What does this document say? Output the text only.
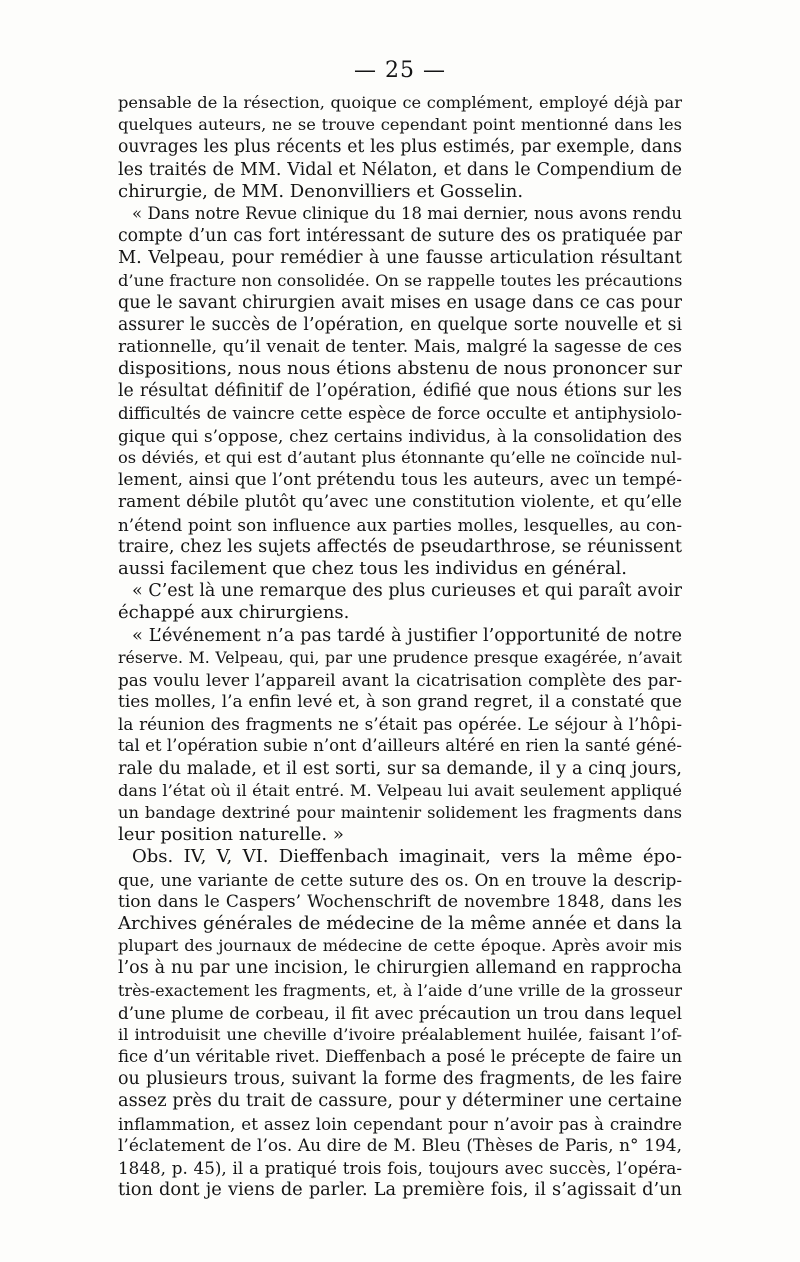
— 25 —
pensable de la résection, quoique ce complément, employé déjà par
quelques auteurs, ne se trouve cependant point mentionné dans les
ouvrages les plus récents et les plus estimés, par exemple, dans
les traités de MM. Vidal et Nélaton, et dans le Compendium de
chirurgie, de MM. Denonvilliers et Gosselin.
« Dans notre Revue clinique du 18 mai dernier, nous avons rendu
compte d’un cas fort intéressant de suture des os pratiquée par
M. Velpeau, pour remédier à une fausse articulation résultant
d’une fracture non consolidée. On se rappelle toutes les précautions
que le savant chirurgien avait mises en usage dans ce cas pour
assurer le succès de l’opération, en quelque sorte nouvelle et si
rationnelle, qu’il venait de tenter. Mais, malgré la sagesse de ces
dispositions, nous nous étions abstenu de nous prononcer sur
le résultat définitif de l’opération, édifié que nous étions sur les
difficultés de vaincre cette espèce de force occulte et antiphysiolo-
gique qui s’oppose, chez certains individus, à la consolidation des
os déviés, et qui est d’autant plus étonnante qu’elle ne coïncide nul-
lement, ainsi que l’ont prétendu tous les auteurs, avec un tempé-
rament débile plutôt qu’avec une constitution violente, et qu’elle
n’étend point son influence aux parties molles, lesquelles, au con-
traire, chez les sujets affectés de pseudarthrose, se réunissent
aussi facilement que chez tous les individus en général.
« C’est là une remarque des plus curieuses et qui paraît avoir
échappé aux chirurgiens.
« L’événement n’a pas tardé à justifier l’opportunité de notre
réserve. M. Velpeau, qui, par une prudence presque exagérée, n’avait
pas voulu lever l’appareil avant la cicatrisation complète des par-
ties molles, l’a enfin levé et, à son grand regret, il a constaté que
la réunion des fragments ne s’était pas opérée. Le séjour à l’hôpi-
tal et l’opération subie n’ont d’ailleurs altéré en rien la santé géné-
rale du malade, et il est sorti, sur sa demande, il y a cinq jours,
dans l’état où il était entré. M. Velpeau lui avait seulement appliqué
un bandage dextriné pour maintenir solidement les fragments dans
leur position naturelle. »
Obs. IV, V, VI. Dieffenbach imaginait, vers la même épo-
que, une variante de cette suture des os. On en trouve la descrip-
tion dans le Caspers’ Wochenschrift de novembre 1848, dans les
Archives générales de médecine de la même année et dans la
plupart des journaux de médecine de cette époque. Après avoir mis
l’os à nu par une incision, le chirurgien allemand en rapprocha
très-exactement les fragments, et, à l’aide d’une vrille de la grosseur
d’une plume de corbeau, il fit avec précaution un trou dans lequel
il introduisit une cheville d’ivoire préalablement huilée, faisant l’of-
fice d’un véritable rivet. Dieffenbach a posé le précepte de faire un
ou plusieurs trous, suivant la forme des fragments, de les faire
assez près du trait de cassure, pour y déterminer une certaine
inflammation, et assez loin cependant pour n’avoir pas à craindre
l’éclatement de l’os. Au dire de M. Bleu (Thèses de Paris, n° 194,
1848, p. 45), il a pratiqué trois fois, toujours avec succès, l’opéra-
tion dont je viens de parler. La première fois, il s’agissait d’un
